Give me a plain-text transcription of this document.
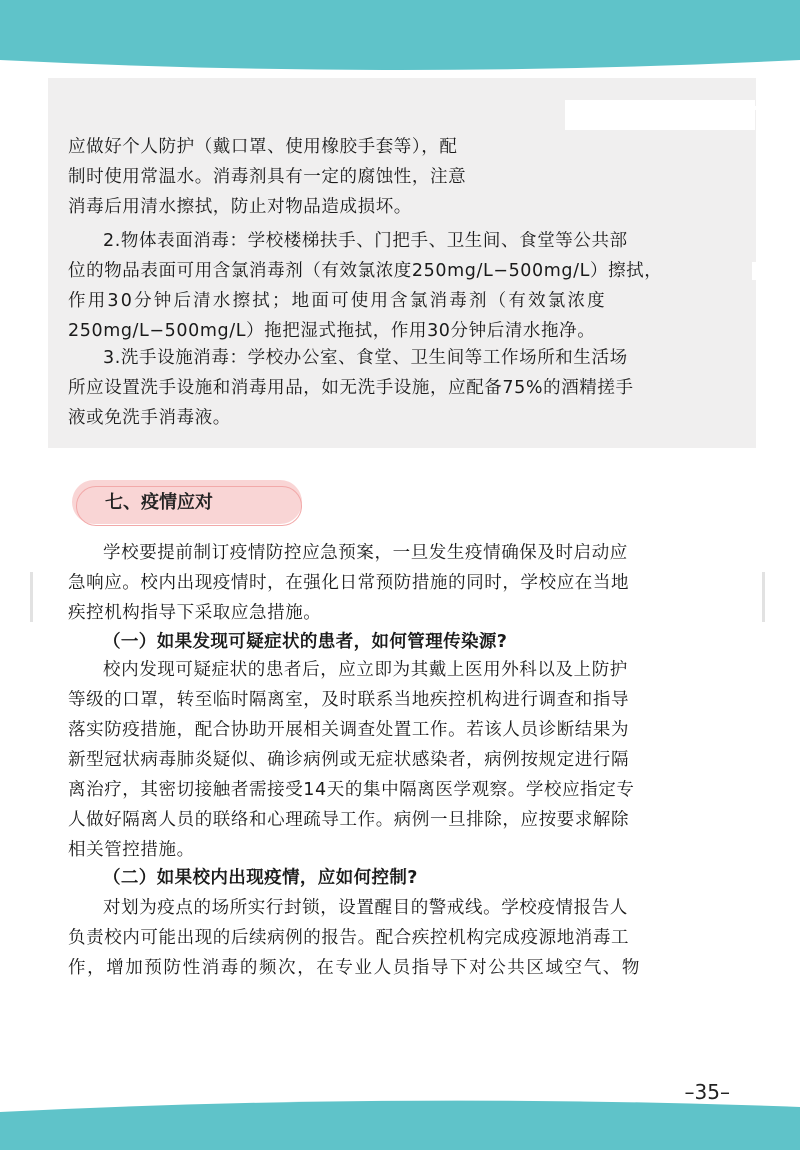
应做好个人防护（戴口罩、使用橡胶手套等），配
制时使用常温水。消毒剂具有一定的腐蚀性，注意
消毒后用清水擦拭，防止对物品造成损坏。
2.物体表面消毒：学校楼梯扶手、门把手、卫生间、食堂等公共部
位的物品表面可用含氯消毒剂（有效氯浓度250mg/L−500mg/L）擦拭，
作用30分钟后清水擦拭；地面可使用含氯消毒剂（有效氯浓度
250mg/L−500mg/L）拖把湿式拖拭，作用30分钟后清水拖净。
3.洗手设施消毒：学校办公室、食堂、卫生间等工作场所和生活场
所应设置洗手设施和消毒用品，如无洗手设施，应配备75%的酒精搓手
液或免洗手消毒液。
七、疫情应对
学校要提前制订疫情防控应急预案，一旦发生疫情确保及时启动应
急响应。校内出现疫情时，在强化日常预防措施的同时，学校应在当地
疾控机构指导下采取应急措施。
（一）如果发现可疑症状的患者，如何管理传染源?
校内发现可疑症状的患者后，应立即为其戴上医用外科以及上防护
等级的口罩，转至临时隔离室，及时联系当地疾控机构进行调查和指导
落实防疫措施，配合协助开展相关调查处置工作。若该人员诊断结果为
新型冠状病毒肺炎疑似、确诊病例或无症状感染者，病例按规定进行隔
离治疗，其密切接触者需接受14天的集中隔离医学观察。学校应指定专
人做好隔离人员的联络和心理疏导工作。病例一旦排除，应按要求解除
相关管控措施。
（二）如果校内出现疫情，应如何控制?
对划为疫点的场所实行封锁，设置醒目的警戒线。学校疫情报告人
负责校内可能出现的后续病例的报告。配合疾控机构完成疫源地消毒工
作，增加预防性消毒的频次，在专业人员指导下对公共区域空气、物
–35–
